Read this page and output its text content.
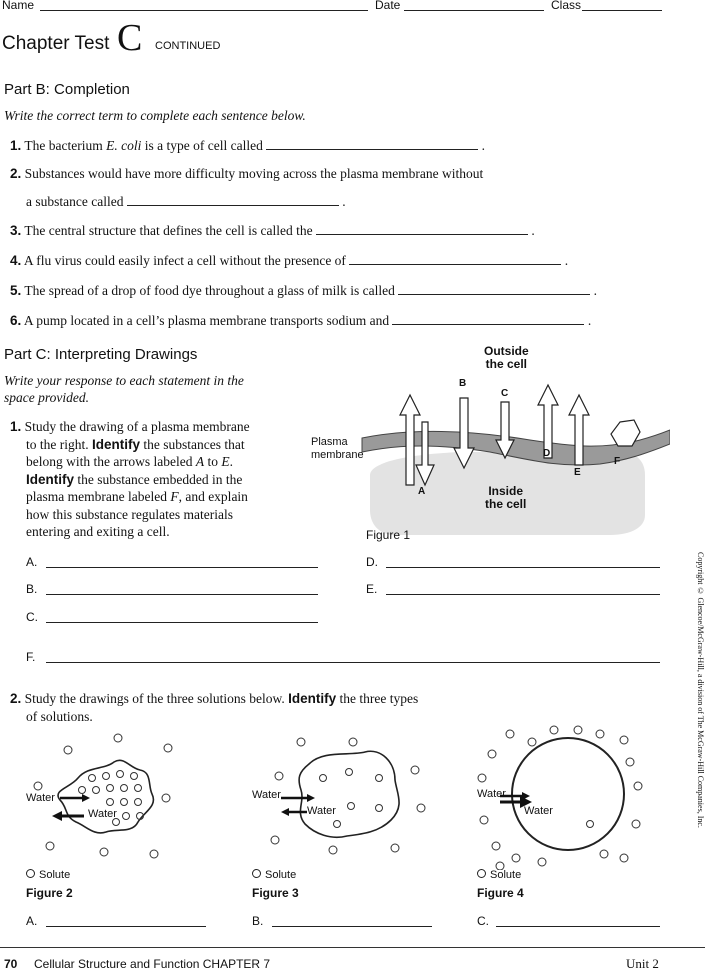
Name	Date	Class
Chapter Test C CONTINUED
Part B: Completion
Write the correct term to complete each sentence below.
1. The bacterium E. coli is a type of cell called	.
2. Substances would have more difficulty moving across the plasma membrane without
a substance called	.
3. The central structure that defines the cell is called the	.
4. A flu virus could easily infect a cell without the presence of	.
5. The spread of a drop of food dye throughout a glass of milk is called	.
6. A pump located in a cell’s plasma membrane transports sodium and	.
Part C: Interpreting Drawings
Write your response to each statement in the
space provided.
1. Study the drawing of a plasma membrane
to the right. Identify the substances that
belong with the arrows labeled A to E.
Identify the substance embedded in the
plasma membrane labeled F, and explain
how this substance regulates materials
entering and exiting a cell.
Outside
the cell
Inside
the cell
Plasma
membrane
A
B
C
D
E
F
Figure 1
A.	D.
B.	E.
C.
F.
2. Study the drawings of the three solutions below. Identify the three types
of solutions.
Water
Water
Solute
Figure 2
Water
Water
Solute
Figure 3
Water
Water
Solute
Figure 4
A.	B.	C.
Copyright © Glencoe/McGraw-Hill, a division of The McGraw-Hill Companies, Inc.
70 Cellular Structure and Function CHAPTER 7	Unit 2
